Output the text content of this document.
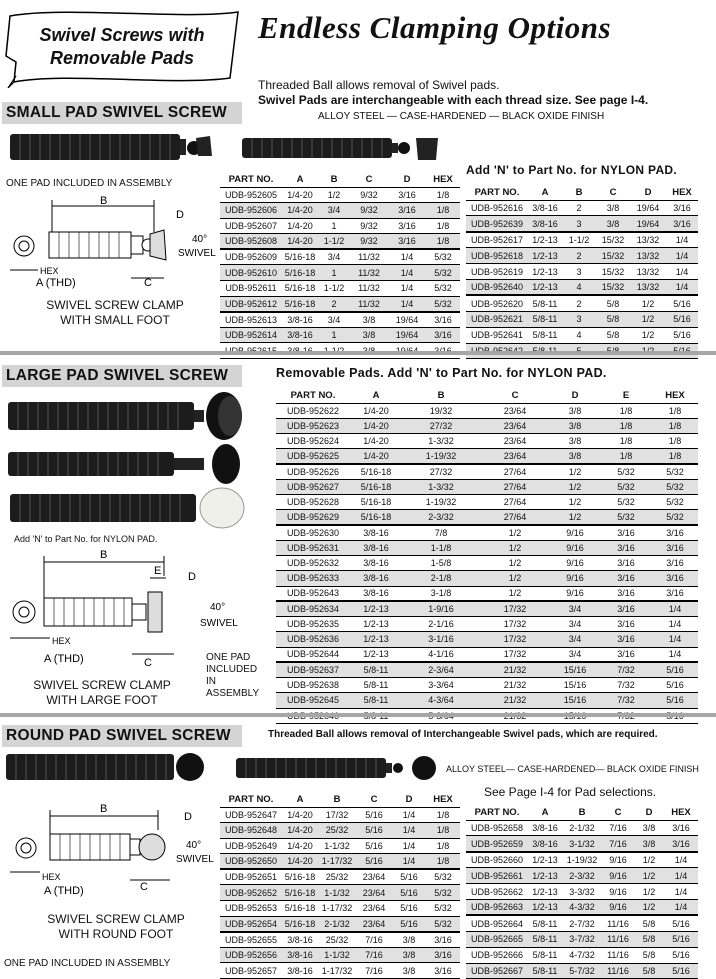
Swivel Screws with
Removable Pads
Endless Clamping Options
Threaded Ball allows removal of Swivel pads.
Swivel Pads are interchangeable with each thread size. See page I-4.
ALLOY STEEL — CASE-HARDENED — BLACK OXIDE FINISH
SMALL PAD SWIVEL SCREW
ONE PAD INCLUDED IN ASSEMBLY
B
D
40°
SWIVEL
HEX
A (THD)	C
SWIVEL SCREW CLAMP
WITH SMALL FOOT
Add 'N' to Part No. for NYLON PAD.
PART NO.	A	B	C	D	HEX
UDB-952605	1/4-20	1/2	9/32	3/16	1/8
UDB-952606	1/4-20	3/4	9/32	3/16	1/8
UDB-952607	1/4-20	1	9/32	3/16	1/8
UDB-952608	1/4-20	1-1/2	9/32	3/16	1/8
UDB-952609	5/16-18	3/4	11/32	1/4	5/32
UDB-952610	5/16-18	1	11/32	1/4	5/32
UDB-952611	5/16-18	1-1/2	11/32	1/4	5/32
UDB-952612	5/16-18	2	11/32	1/4	5/32
UDB-952613	3/8-16	3/4	3/8	19/64	3/16
UDB-952614	3/8-16	1	3/8	19/64	3/16

PART NO.	A	B	C	D	HEX
UDB-952616	3/8-16	2	3/8	19/64	3/16
UDB-952639	3/8-16	3	3/8	19/64	3/16
UDB-952617	1/2-13	1-1/2	15/32	13/32	1/4
UDB-952618	1/2-13	2	15/32	13/32	1/4
UDB-952619	1/2-13	3	15/32	13/32	1/4
UDB-952640	1/2-13	4	15/32	13/32	1/4
UDB-952620	5/8-11	2	5/8	1/2	5/16
UDB-952621	5/8-11	3	5/8	1/2	5/16
UDB-952641	5/8-11	4	5/8	1/2	5/16

LARGE PAD SWIVEL SCREW	Removable Pads. Add 'N' to Part No. for NYLON PAD.
Add 'N' to Part No. for NYLON PAD.
B
E D
40°
SWIVEL
HEX
A (THD)	C	ONE PAD
INCLUDED
IN
ASSEMBLY
SWIVEL SCREW CLAMP
WITH LARGE FOOT
PART NO.	A	B	C	D	E	HEX
UDB-952622	1/4-20	19/32	23/64	3/8	1/8	1/8
UDB-952623	1/4-20	27/32	23/64	3/8	1/8	1/8
UDB-952624	1/4-20	1-3/32	23/64	3/8	1/8	1/8
UDB-952625	1/4-20	1-19/32	23/64	3/8	1/8	1/8
UDB-952626	5/16-18	27/32	27/64	1/2	5/32	5/32
UDB-952627	5/16-18	1-3/32	27/64	1/2	5/32	5/32
UDB-952628	5/16-18	1-19/32	27/64	1/2	5/32	5/32
UDB-952629	5/16-18	2-3/32	27/64	1/2	5/32	5/32
UDB-952630	3/8-16	7/8	1/2	9/16	3/16	3/16
UDB-952631	3/8-16	1-1/8	1/2	9/16	3/16	3/16
UDB-952632	3/8-16	1-5/8	1/2	9/16	3/16	3/16
UDB-952633	3/8-16	2-1/8	1/2	9/16	3/16	3/16
UDB-952643	3/8-16	3-1/8	1/2	9/16	3/16	3/16
UDB-952634	1/2-13	1-9/16	17/32	3/4	3/16	1/4
UDB-952635	1/2-13	2-1/16	17/32	3/4	3/16	1/4
UDB-952636	1/2-13	3-1/16	17/32	3/4	3/16	1/4
UDB-952644	1/2-13	4-1/16	17/32	3/4	3/16	1/4
UDB-952637	5/8-11	2-3/64	21/32	15/16	7/32	5/16
UDB-952638	5/8-11	3-3/64	21/32	15/16	7/32	5/16
UDB-952645	5/8-11	4-3/64	21/32	15/16	7/32	5/16

ROUND PAD SWIVEL SCREW	Threaded Ball allows removal of Interchangeable Swivel pads, which are required.
ALLOY STEEL— CASE-HARDENED— BLACK OXIDE FINISH
B
D
40°
SWIVEL
HEX
A (THD)	C
SWIVEL SCREW CLAMP
WITH ROUND FOOT
ONE PAD INCLUDED IN ASSEMBLY
See Page I-4 for Pad selections.
PART NO.	A	B	C	D	HEX
UDB-952647	1/4-20	17/32	5/16	1/4	1/8
UDB-952648	1/4-20	25/32	5/16	1/4	1/8
UDB-952649	1/4-20	1-1/32	5/16	1/4	1/8
UDB-952650	1/4-20	1-17/32	5/16	1/4	1/8
UDB-952651	5/16-18	25/32	23/64	5/16	5/32
UDB-952652	5/16-18	1-1/32	23/64	5/16	5/32
UDB-952653	5/16-18	1-17/32	23/64	5/16	5/32
UDB-952654	5/16-18	2-1/32	23/64	5/16	5/32
UDB-952655	3/8-16	25/32	7/16	3/8	3/16
UDB-952656	3/8-16	1-1/32	7/16	3/8	3/16
UDB-952657	3/8-16	1-17/32	7/16	3/8	3/16
PART NO.	A	B	C	D	HEX
UDB-952658	3/8-16	2-1/32	7/16	3/8	3/16
UDB-952659	3/8-16	3-1/32	7/16	3/8	3/16
UDB-952660	1/2-13	1-19/32	9/16	1/2	1/4
UDB-952661	1/2-13	2-3/32	9/16	1/2	1/4
UDB-952662	1/2-13	3-3/32	9/16	1/2	1/4
UDB-952663	1/2-13	4-3/32	9/16	1/2	1/4
UDB-952664	5/8-11	2-7/32	11/16	5/8	5/16
UDB-952665	5/8-11	3-7/32	11/16	5/8	5/16
UDB-952666	5/8-11	4-7/32	11/16	5/8	5/16
UDB-952667	5/8-11	5-7/32	11/16	5/8	5/16
